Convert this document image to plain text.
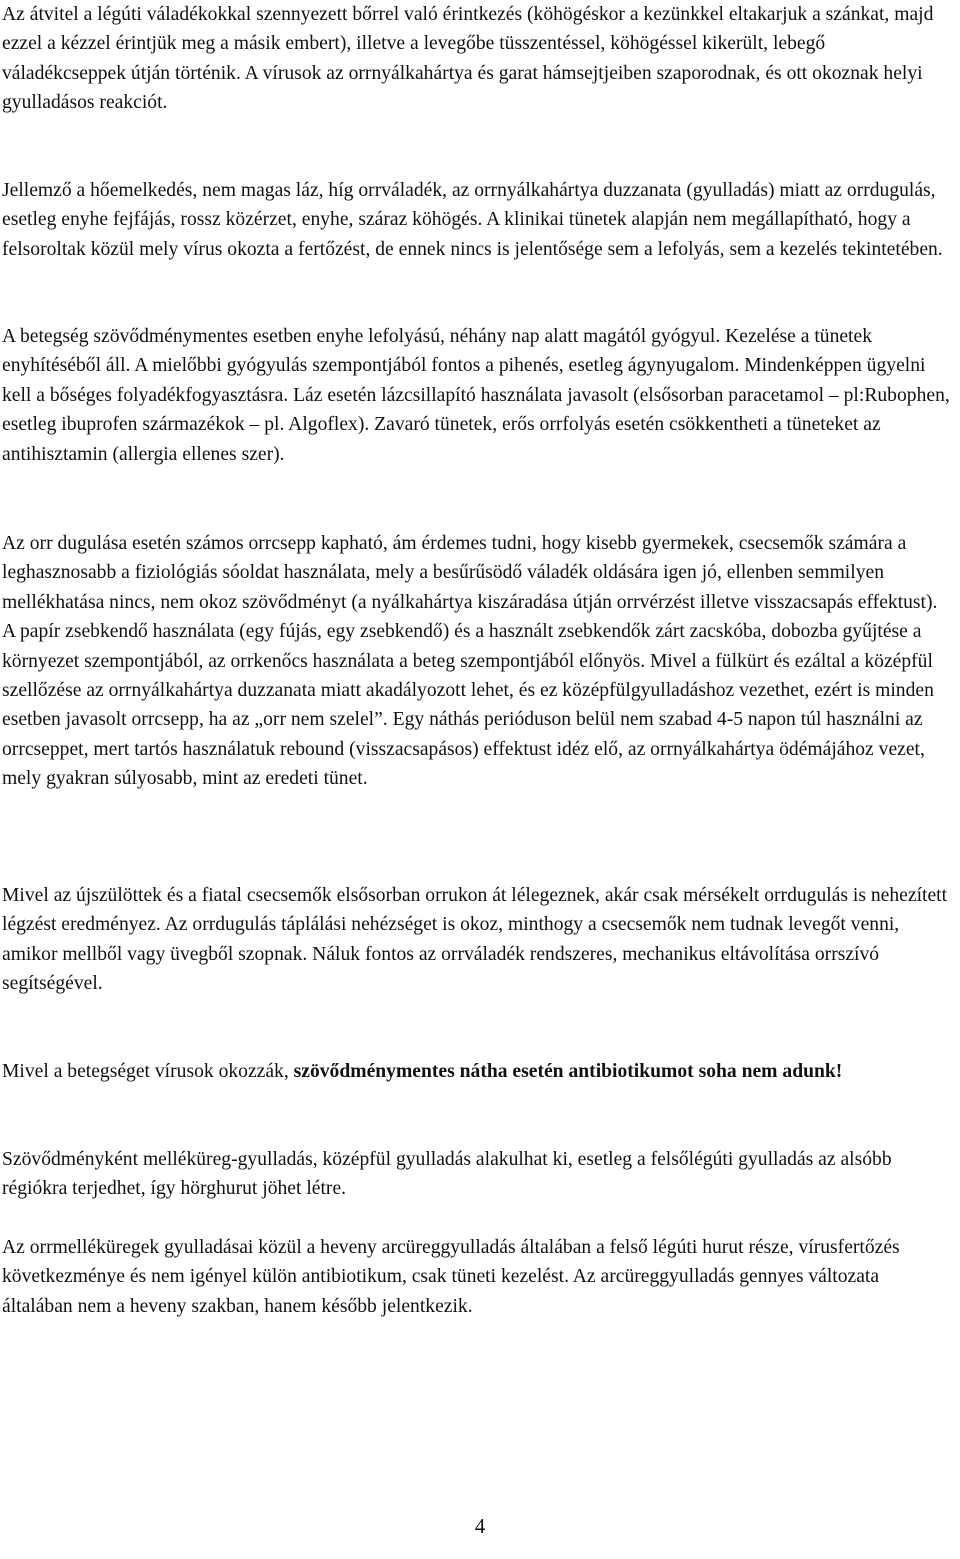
Az átvitel a légúti váladékokkal szennyezett bőrrel való érintkezés (köhögéskor a kezünkkel eltakarjuk a szánkat, majd ezzel a kézzel érintjük meg a másik embert), illetve a levegőbe tüsszentéssel, köhögéssel kikerült, lebegő váladékcseppek útján történik. A vírusok az orrnyálkahártya és garat hámsejtjeiben szaporodnak, és ott okoznak helyi gyulladásos reakciót.

Jellemző a hőemelkedés, nem magas láz, híg orrváladék, az orrnyálkahártya duzzanata (gyulladás) miatt az orrdugulás, esetleg enyhe fejfájás, rossz közérzet, enyhe, száraz köhögés. A klinikai tünetek alapján nem megállapítható, hogy a felsoroltak közül mely vírus okozta a fertőzést, de ennek nincs is jelentősége sem a lefolyás, sem a kezelés tekintetében.

A betegség szövődménymentes esetben enyhe lefolyású, néhány nap alatt magától gyógyul. Kezelése a tünetek enyhítéséből áll. A mielőbbi gyógyulás szempontjából fontos a pihenés, esetleg ágynyugalom. Mindenképpen ügyelni kell a bőséges folyadékfogyasztásra. Láz esetén lázcsillapító használata javasolt (elsősorban paracetamol – pl:Rubophen, esetleg ibuprofen származékok – pl. Algoflex). Zavaró tünetek, erős orrfolyás esetén csökkentheti a tüneteket az antihisztamin (allergia ellenes szer).

Az orr dugulása esetén számos orrcsepp kapható, ám érdemes tudni, hogy kisebb gyermekek, csecsemők számára a leghasznosabb a fiziológiás sóoldat használata, mely a besűrűsödő váladék oldására igen jó, ellenben semmilyen mellékhatása nincs, nem okoz szövődményt (a nyálkahártya kiszáradása útján orrvérzést illetve visszacsapás effektust). A papír zsebkendő használata (egy fújás, egy zsebkendő) és a használt zsebkendők zárt zacskóba, dobozba gyűjtése a környezet szempontjából, az orrkenőcs használata a beteg szempontjából előnyös. Mivel a fülkürt és ezáltal a középfül szellőzése az orrnyálkahártya duzzanata miatt akadályozott lehet, és ez középfülgyulladáshoz vezethet, ezért is minden esetben javasolt orrcsepp, ha az „orr nem szelel”. Egy náthás perióduson belül nem szabad 4-5 napon túl használni az orrcseppet, mert tartós használatuk rebound (visszacsapásos) effektust idéz elő, az orrnyálkahártya ödémájához vezet, mely gyakran súlyosabb, mint az eredeti tünet.

Mivel az újszülöttek és a fiatal csecsemők elsősorban orrukon át lélegeznek, akár csak mérsékelt orrdugulás is nehezített légzést eredményez. Az orrdugulás táplálási nehézséget is okoz, minthogy a csecsemők nem tudnak levegőt venni, amikor mellből vagy üvegből szopnak. Náluk fontos az orrváladék rendszeres, mechanikus eltávolítása orrszívó segítségével.

Mivel a betegséget vírusok okozzák, szövődménymentes nátha esetén antibiotikumot soha nem adunk!

Szövődményként melléküreg-gyulladás, középfül gyulladás alakulhat ki, esetleg a felsőlégúti gyulladás az alsóbb régiókra terjedhet, így hörghurut jöhet létre.

Az orrmelléküregek gyulladásai közül a heveny arcüreggyulladás általában a felső légúti hurut része, vírusfertőzés következménye és nem igényel külön antibiotikum, csak tüneti kezelést. Az arcüreggyulladás gennyes változata általában nem a heveny szakban, hanem később jelentkezik.

4
